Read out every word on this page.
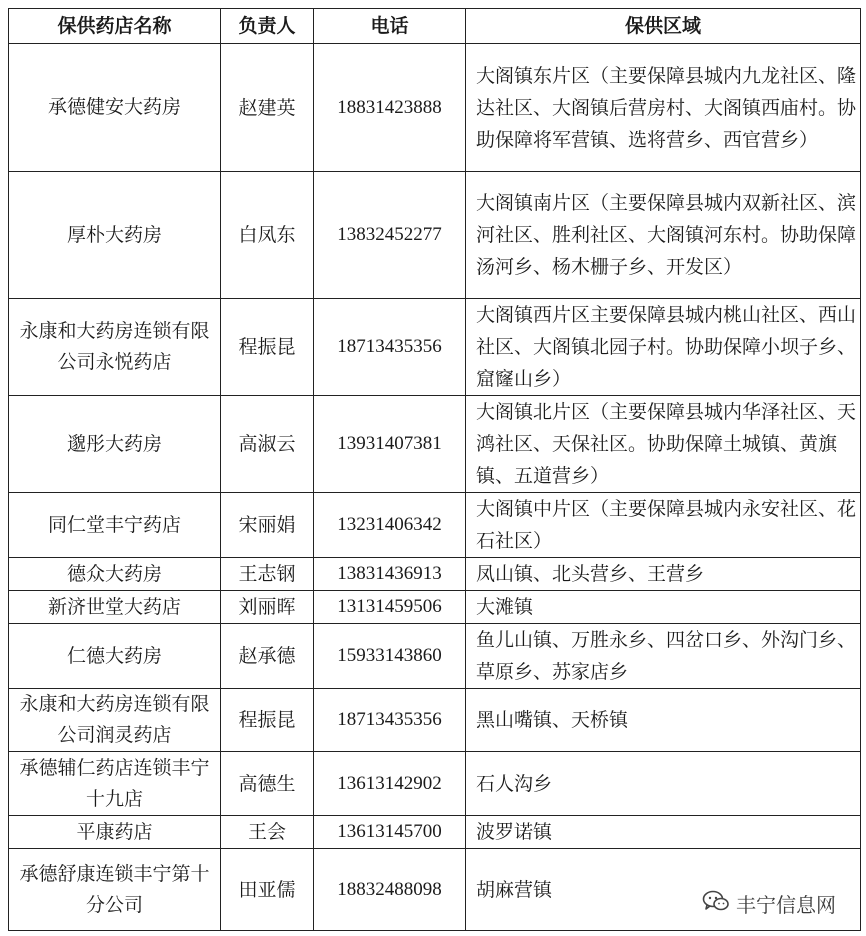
保供药店名称	负责人	电话	保供区域
承德健安大药房	赵建英	18831423888	大阁镇东片区（主要保障县城内九龙社区、隆达社区、大阁镇后营房村、大阁镇西庙村。协助保障将军营镇、选将营乡、西官营乡）
厚朴大药房	白凤东	13832452277	大阁镇南片区（主要保障县城内双新社区、滨河社区、胜利社区、大阁镇河东村。协助保障汤河乡、杨木栅子乡、开发区）
永康和大药房连锁有限公司永悦药店	程振昆	18713435356	大阁镇西片区主要保障县城内桃山社区、西山社区、大阁镇北园子村。协助保障小坝子乡、窟窿山乡）
邈彤大药房	高淑云	13931407381	大阁镇北片区（主要保障县城内华泽社区、天鸿社区、天保社区。协助保障土城镇、黄旗镇、五道营乡）
同仁堂丰宁药店	宋丽娟	13231406342	大阁镇中片区（主要保障县城内永安社区、花石社区）
德众大药房	王志钢	13831436913	凤山镇、北头营乡、王营乡
新济世堂大药店	刘丽晖	13131459506	大滩镇
仁德大药房	赵承德	15933143860	鱼儿山镇、万胜永乡、四岔口乡、外沟门乡、草原乡、苏家店乡
永康和大药房连锁有限公司润灵药店	程振昆	18713435356	黑山嘴镇、天桥镇
承德辅仁药店连锁丰宁十九店	高德生	13613142902	石人沟乡
平康药店	王会	13613145700	波罗诺镇
承德舒康连锁丰宁第十分公司	田亚儒	18832488098	胡麻营镇
丰宁信息网
